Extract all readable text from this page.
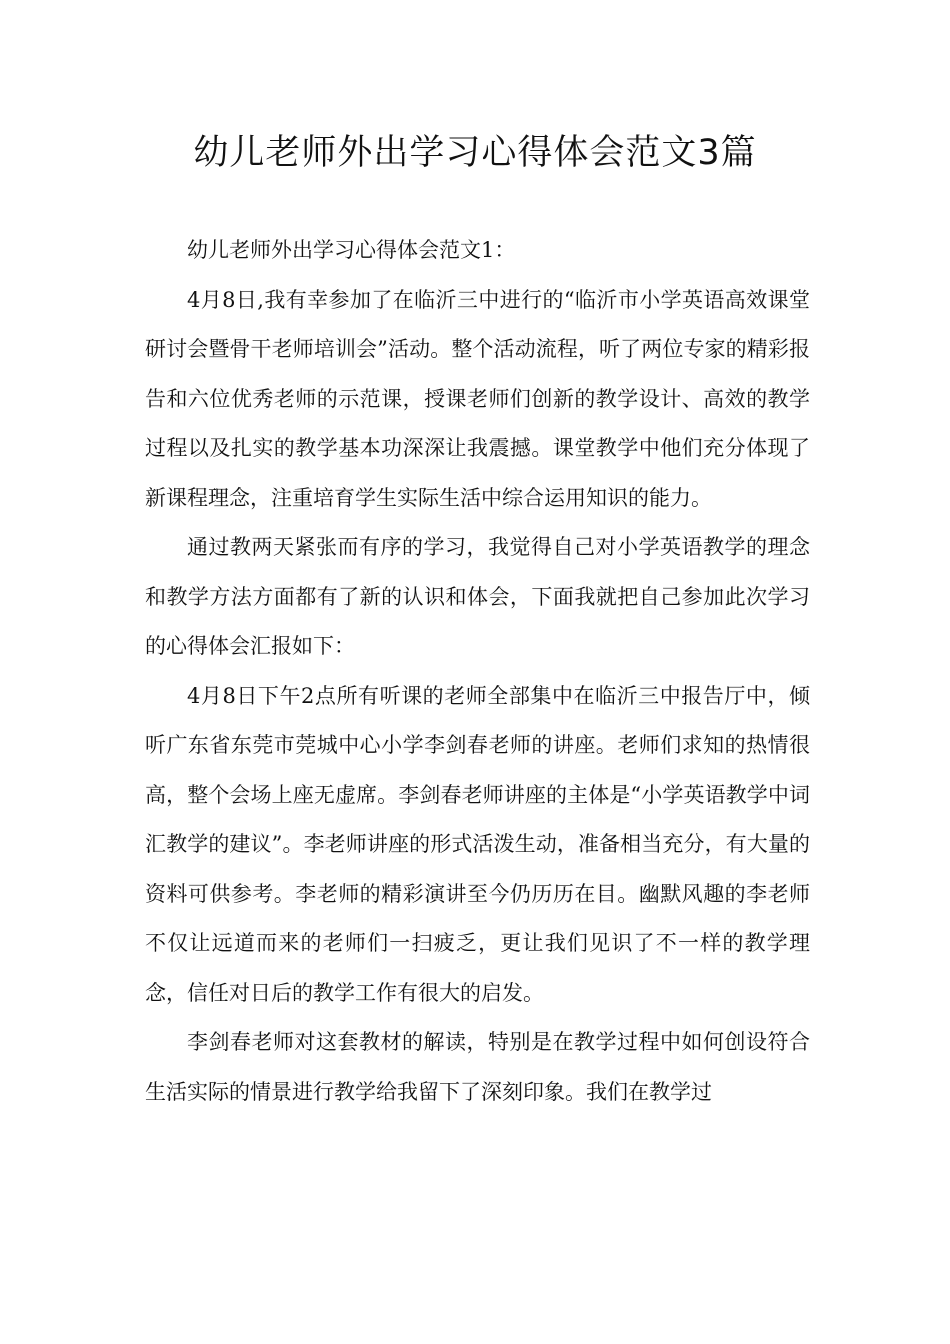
幼儿老师外出学习心得体会范文3篇

幼儿老师外出学习心得体会范文1：

4月8日,我有幸参加了在临沂三中进行的“临沂市小学英语高效课堂研讨会暨骨干老师培训会”活动。整个活动流程，听了两位专家的精彩报告和六位优秀老师的示范课，授课老师们创新的教学设计、高效的教学过程以及扎实的教学基本功深深让我震撼。课堂教学中他们充分体现了新课程理念，注重培育学生实际生活中综合运用知识的能力。

通过教两天紧张而有序的学习，我觉得自己对小学英语教学的理念和教学方法方面都有了新的认识和体会，下面我就把自己参加此次学习的心得体会汇报如下：

4月8日下午2点所有听课的老师全部集中在临沂三中报告厅中，倾听广东省东莞市莞城中心小学李剑春老师的讲座。老师们求知的热情很高，整个会场上座无虚席。李剑春老师讲座的主体是“小学英语教学中词汇教学的建议”。李老师讲座的形式活泼生动，准备相当充分，有大量的资料可供参考。李老师的精彩演讲至今仍历历在目。幽默风趣的李老师不仅让远道而来的老师们一扫疲乏，更让我们见识了不一样的教学理念，信任对日后的教学工作有很大的启发。

李剑春老师对这套教材的解读，特别是在教学过程中如何创设符合生活实际的情景进行教学给我留下了深刻印象。我们在教学过
